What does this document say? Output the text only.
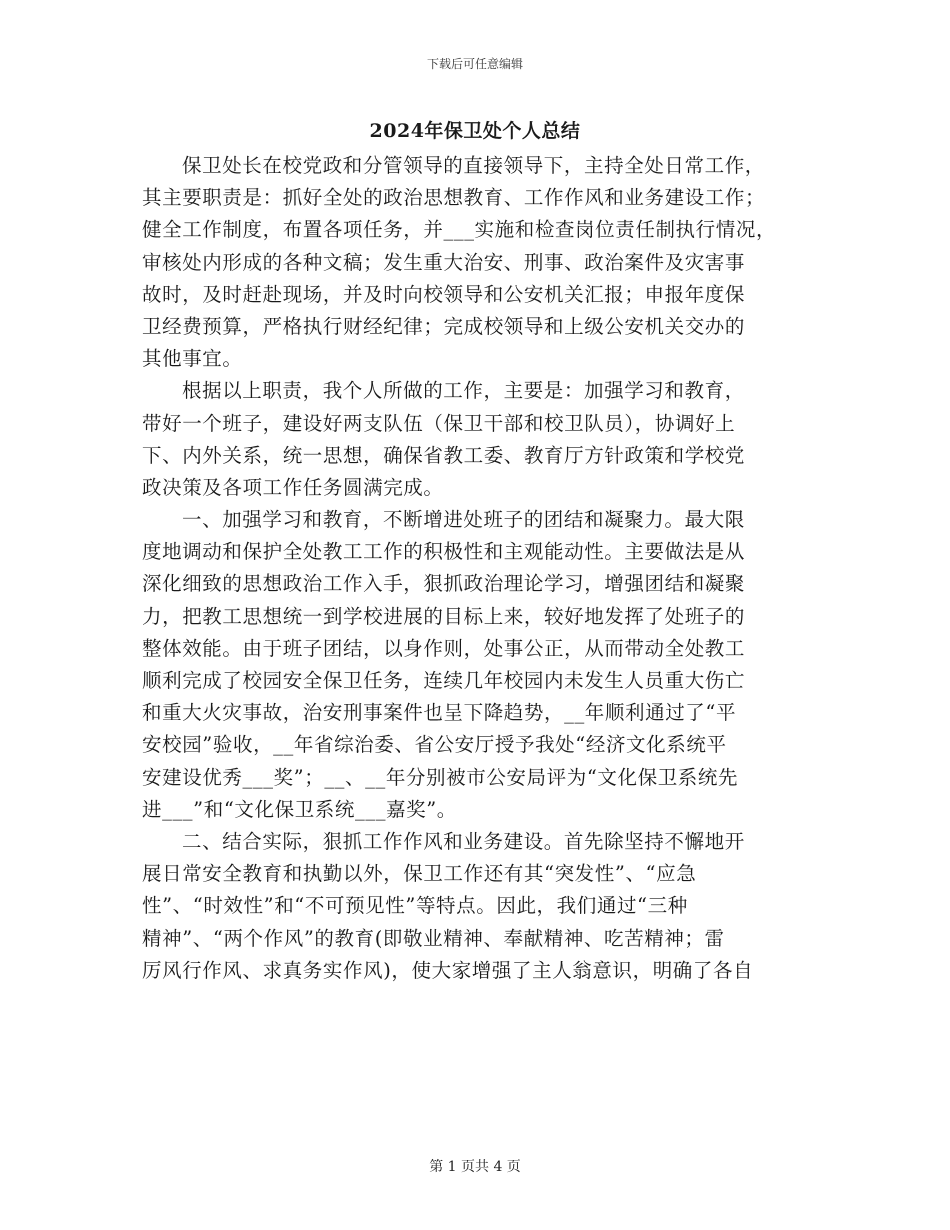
下载后可任意编辑
2024年保卫处个人总结
保卫处长在校党政和分管领导的直接领导下，主持全处日常工作，
其主要职责是：抓好全处的政治思想教育、工作作风和业务建设工作；
健全工作制度，布置各项任务，并___实施和检查岗位责任制执行情况，
审核处内形成的各种文稿；发生重大治安、刑事、政治案件及灾害事
故时，及时赶赴现场，并及时向校领导和公安机关汇报；申报年度保
卫经费预算，严格执行财经纪律；完成校领导和上级公安机关交办的
其他事宜。
根据以上职责，我个人所做的工作，主要是：加强学习和教育，
带好一个班子，建设好两支队伍（保卫干部和校卫队员），协调好上
下、内外关系，统一思想，确保省教工委、教育厅方针政策和学校党
政决策及各项工作任务圆满完成。
一、加强学习和教育，不断增进处班子的团结和凝聚力。最大限
度地调动和保护全处教工工作的积极性和主观能动性。主要做法是从
深化细致的思想政治工作入手，狠抓政治理论学习，增强团结和凝聚
力，把教工思想统一到学校进展的目标上来，较好地发挥了处班子的
整体效能。由于班子团结，以身作则，处事公正，从而带动全处教工
顺利完成了校园安全保卫任务，连续几年校园内未发生人员重大伤亡
和重大火灾事故，治安刑事案件也呈下降趋势，__年顺利通过了“平
安校园”验收，__年省综治委、省公安厅授予我处“经济文化系统平
安建设优秀___奖”；__、__年分别被市公安局评为“文化保卫系统先
进___”和“文化保卫系统___嘉奖”。
二、结合实际，狠抓工作作风和业务建设。首先除坚持不懈地开
展日常安全教育和执勤以外，保卫工作还有其“突发性”、“应急
性”、“时效性”和“不可预见性”等特点。因此，我们通过“三种
精神”、“两个作风”的教育(即敬业精神、奉献精神、吃苦精神；雷
厉风行作风、求真务实作风)，使大家增强了主人翁意识，明确了各自
第 1 页共 4 页
